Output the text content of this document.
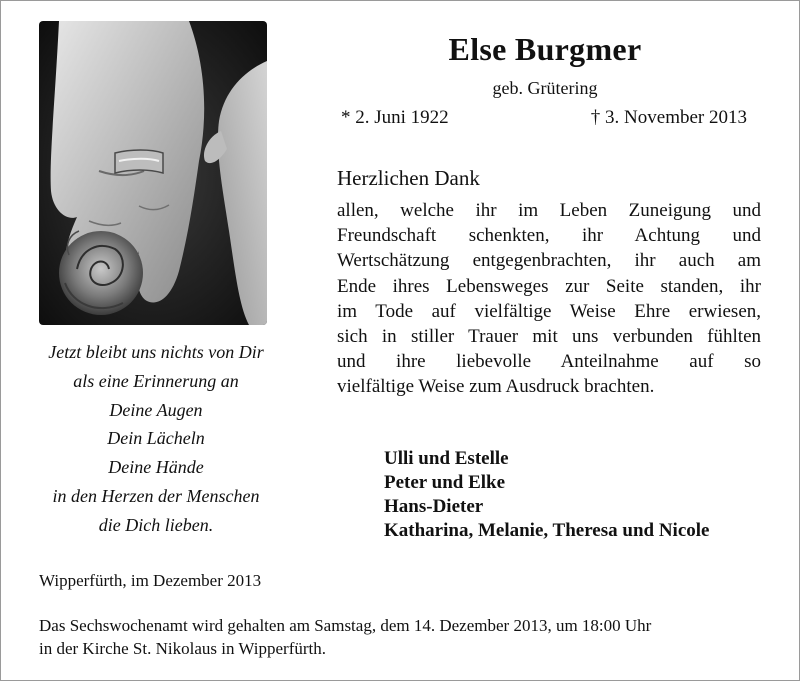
Jetzt bleibt uns nichts von Dir
als eine Erinnerung an
Deine Augen
Dein Lächeln
Deine Hände
in den Herzen der Menschen
die Dich lieben.
Wipperfürth, im Dezember 2013
Else Burgmer
geb. Grütering
* 2. Juni 1922	† 3. November 2013
Herzlichen Dank
allen, welche ihr im Leben Zuneigung und
Freundschaft schenkten, ihr Achtung und
Wertschätzung entgegenbrachten, ihr auch am
Ende ihres Lebensweges zur Seite standen, ihr
im Tode auf vielfältige Weise Ehre erwiesen,
sich in stiller Trauer mit uns verbunden fühlten
und ihre liebevolle Anteilnahme auf so
vielfältige Weise zum Ausdruck brachten.
Ulli und Estelle
Peter und Elke
Hans-Dieter
Katharina, Melanie, Theresa und Nicole
Das Sechswochenamt wird gehalten am Samstag, dem 14. Dezember 2013, um 18:00 Uhr
in der Kirche St. Nikolaus in Wipperfürth.
